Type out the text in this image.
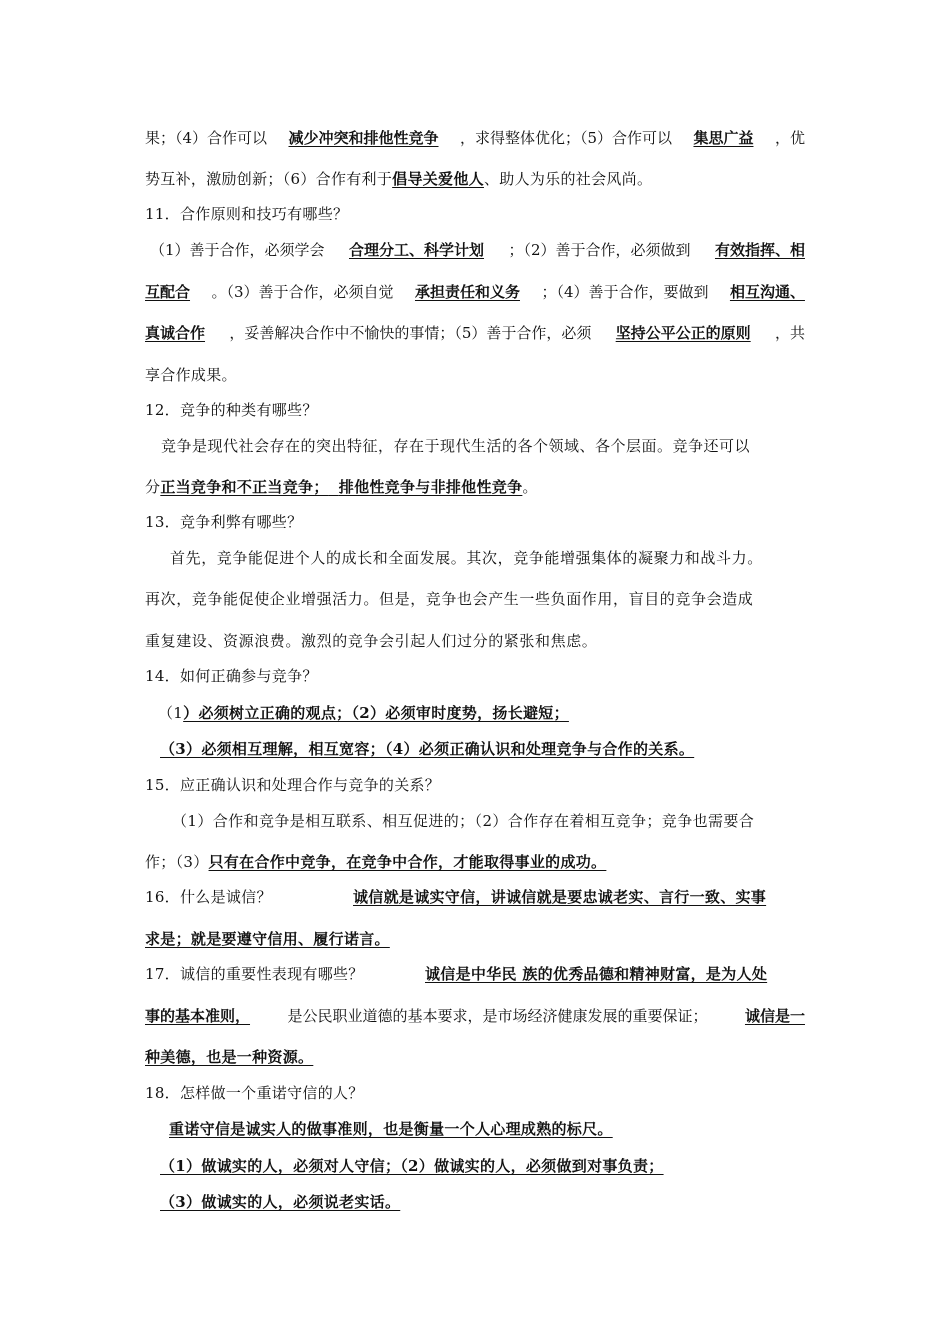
果；（4）合作可以 减少冲突和排他性竞争 ，求得整体优化；（5）合作可以 集思广益 ，优
势互补，激励创新；（6）合作有利于倡导关爱他人、助人为乐的社会风尚。
11．合作原则和技巧有哪些？
（1）善于合作，必须学会 合理分工、科学计划 ；（2）善于合作，必须做到 有效指挥、相
互配合 。（3）善于合作，必须自觉 承担责任和义务 ；（4）善于合作，要做到 相互沟通、
真诚合作 ，妥善解决合作中不愉快的事情；（5）善于合作，必须 坚持公平公正的原则 ，共
享合作成果。
12．竞争的种类有哪些？
竞争是现代社会存在的突出特征，存在于现代生活的各个领域、各个层面。竞争还可以
分正当竞争和不正当竞争； 排他性竞争与非排他性竞争。
13．竞争利弊有哪些？
首先，竞争能促进个人的成长和全面发展。其次，竞争能增强集体的凝聚力和战斗力。
再次，竞争能促使企业增强活力。但是，竞争也会产生一些负面作用，盲目的竞争会造成
重复建设、资源浪费。激烈的竞争会引起人们过分的紧张和焦虑。
14．如何正确参与竞争？
（1）必须树立正确的观点；（2）必须审时度势，扬长避短；
（3）必须相互理解，相互宽容；（4）必须正确认识和处理竞争与合作的关系。
15．应正确认识和处理合作与竞争的关系？
（1）合作和竞争是相互联系、相互促进的；（2）合作存在着相互竞争；竞争也需要合
作；（3）只有在合作中竞争，在竞争中合作，才能取得事业的成功。
16．什么是诚信？	诚信就是诚实守信，讲诚信就是要忠诚老实、言行一致、实事
求是；就是要遵守信用、履行诺言。
17．诚信的重要性表现有哪些？	诚信是中华民 族的优秀品德和精神财富，是为人处
事的基本准则， 是公民职业道德的基本要求，是市场经济健康发展的重要保证； 诚信是一
种美德，也是一种资源。
18．怎样做一个重诺守信的人？
重诺守信是诚实人的做事准则，也是衡量一个人心理成熟的标尺。
（1）做诚实的人，必须对人守信；（2）做诚实的人，必须做到对事负责；
（3）做诚实的人，必须说老实话。
